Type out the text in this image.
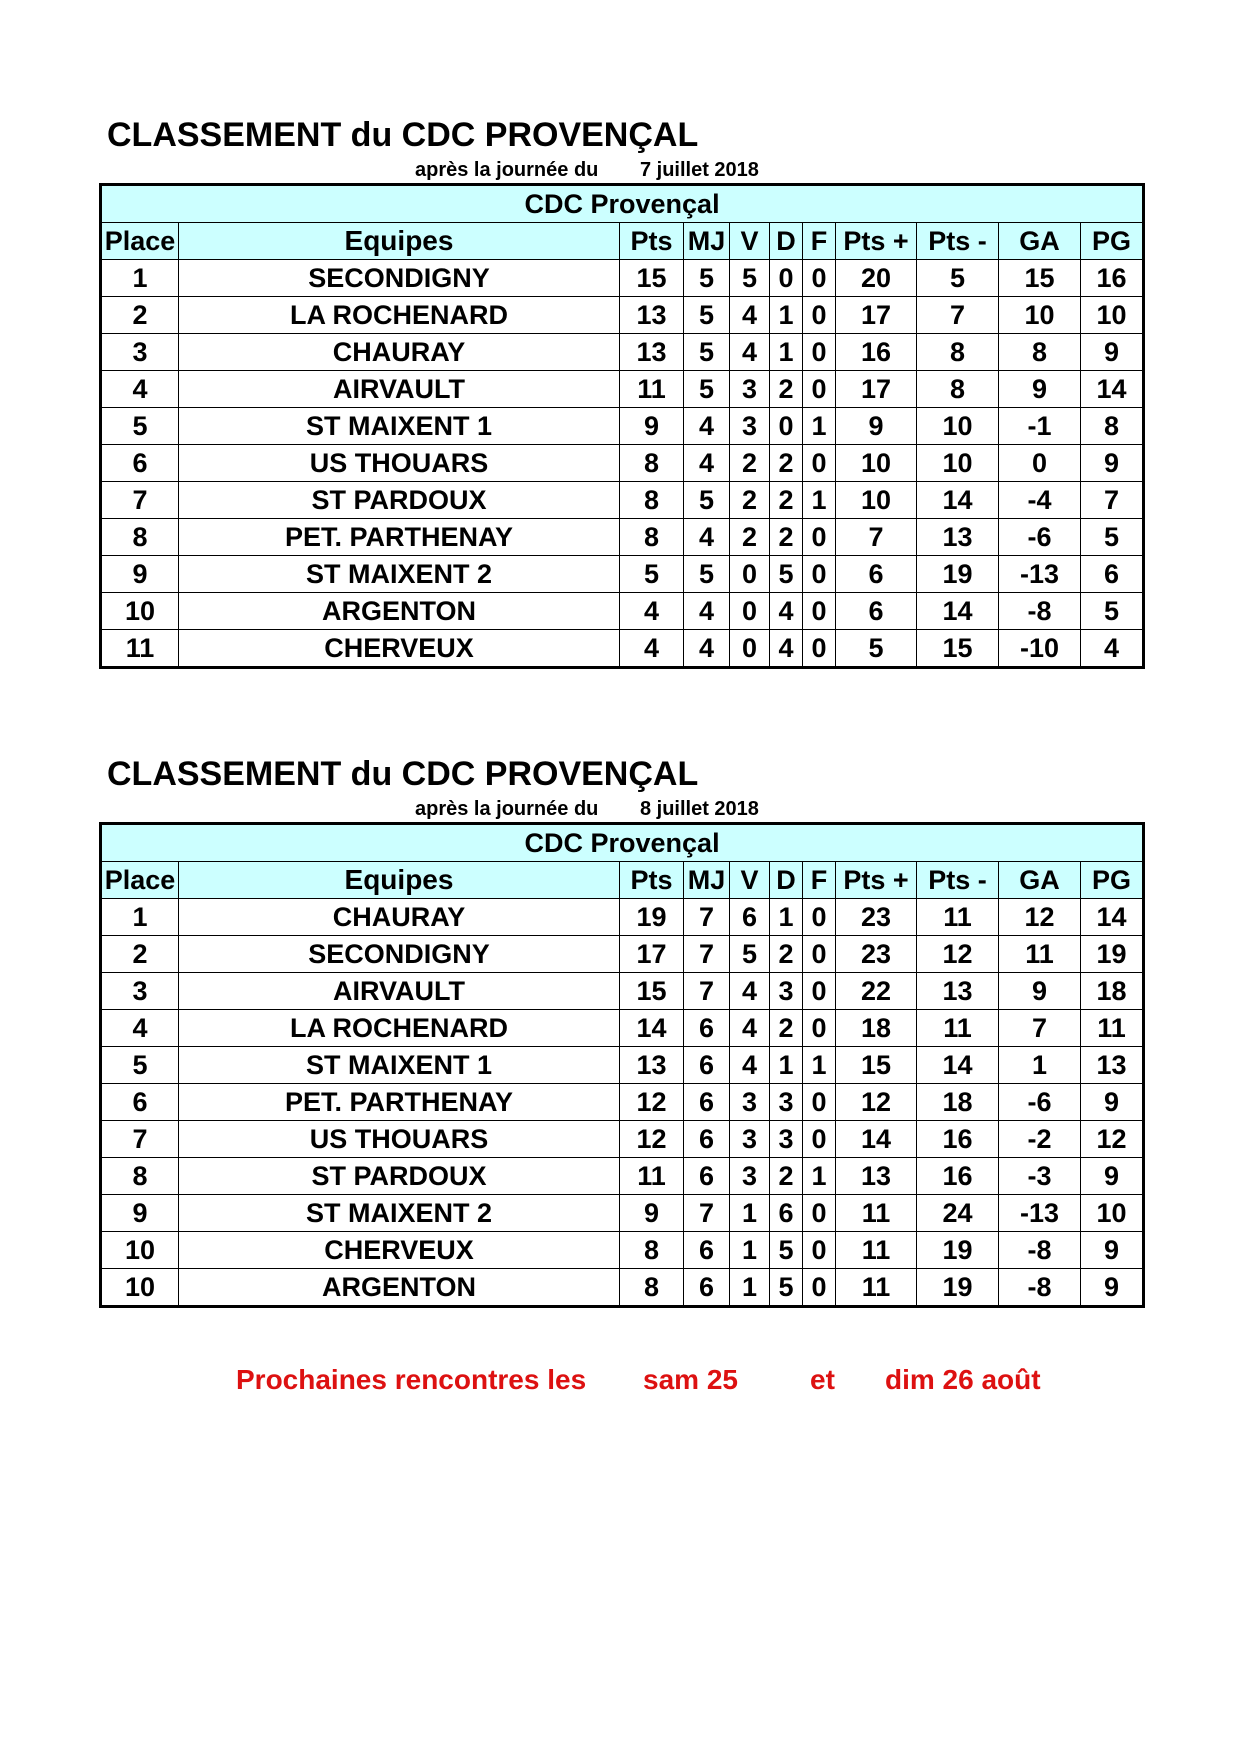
CLASSEMENT du CDC PROVENÇAL
après la journée du 7 juillet 2018
CDC Provençal										
Place	Equipes	Pts	MJ	V	D	F	Pts +	Pts -	GA	PG
1	SECONDIGNY	15	5	5	0	0	20	5	15	16
2	LA ROCHENARD	13	5	4	1	0	17	7	10	10
3	CHAURAY	13	5	4	1	0	16	8	8	9
4	AIRVAULT	11	5	3	2	0	17	8	9	14
5	ST MAIXENT 1	9	4	3	0	1	9	10	-1	8
6	US THOUARS	8	4	2	2	0	10	10	0	9
7	ST PARDOUX	8	5	2	2	1	10	14	-4	7
8	PET. PARTHENAY	8	4	2	2	0	7	13	-6	5
9	ST MAIXENT 2	5	5	0	5	0	6	19	-13	6
10	ARGENTON	4	4	0	4	0	6	14	-8	5
11	CHERVEUX	4	4	0	4	0	5	15	-10	4
CLASSEMENT du CDC PROVENÇAL
après la journée du 8 juillet 2018
CDC Provençal										
Place	Equipes	Pts	MJ	V	D	F	Pts +	Pts -	GA	PG
1	CHAURAY	19	7	6	1	0	23	11	12	14
2	SECONDIGNY	17	7	5	2	0	23	12	11	19
3	AIRVAULT	15	7	4	3	0	22	13	9	18
4	LA ROCHENARD	14	6	4	2	0	18	11	7	11
5	ST MAIXENT 1	13	6	4	1	1	15	14	1	13
6	PET. PARTHENAY	12	6	3	3	0	12	18	-6	9
7	US THOUARS	12	6	3	3	0	14	16	-2	12
8	ST PARDOUX	11	6	3	2	1	13	16	-3	9
9	ST MAIXENT 2	9	7	1	6	0	11	24	-13	10
10	CHERVEUX	8	6	1	5	0	11	19	-8	9
10	ARGENTON	8	6	1	5	0	11	19	-8	9
Prochaines rencontres les sam 25	et dim 26 août
